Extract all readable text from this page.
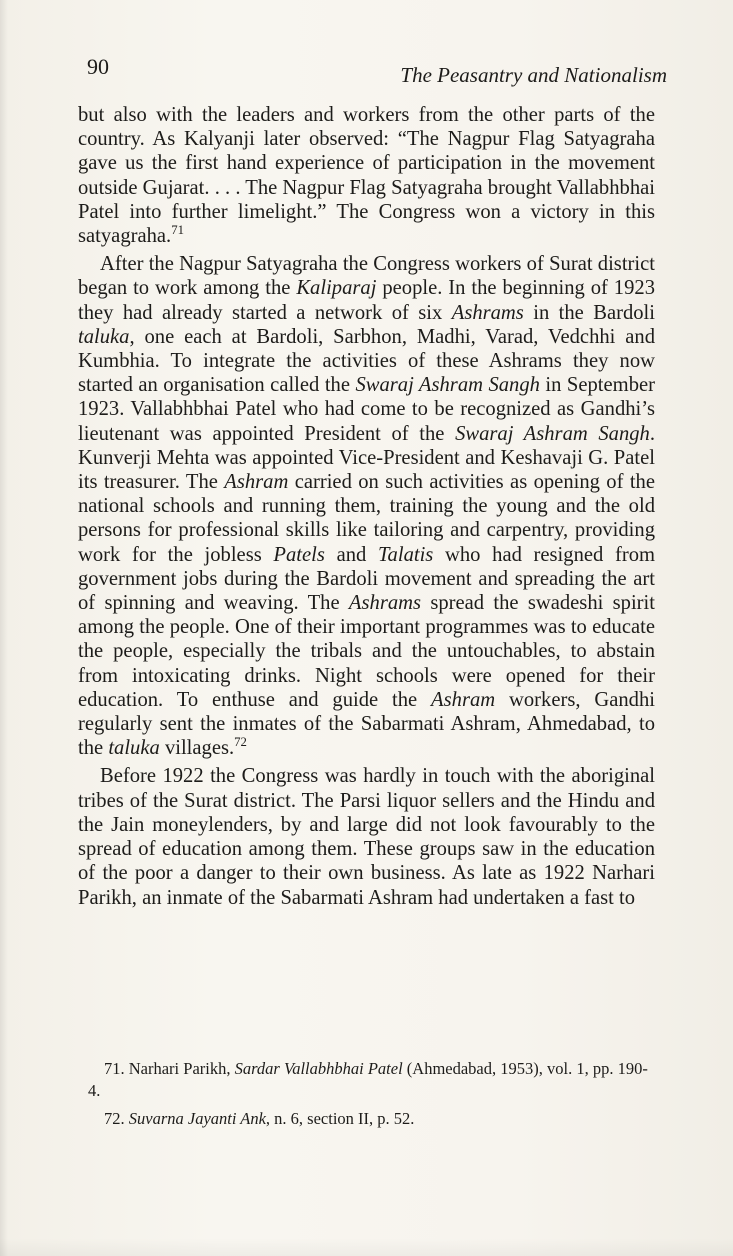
90	The Peasantry and Nationalism

but also with the leaders and workers from the other parts of the country. As Kalyanji later observed: “The Nagpur Flag Satyagraha gave us the first hand experience of participation in the movement outside Gujarat. . . . The Nagpur Flag Satyagraha brought Vallabhbhai Patel into further limelight.” The Congress won a victory in this satyagraha.$^{71}$

After the Nagpur Satyagraha the Congress workers of Surat district began to work among the Kaliparaj people. In the beginning of 1923 they had already started a network of six Ashrams in the Bardoli taluka, one each at Bardoli, Sarbhon, Madhi, Varad, Vedchhi and Kumbhia. To integrate the activities of these Ashrams they now started an organisation called the Swaraj Ashram Sangh in September 1923. Vallabhbhai Patel who had come to be recognized as Gandhi’s lieutenant was appointed President of the Swaraj Ashram Sangh. Kunverji Mehta was appointed Vice-President and Keshavaji G. Patel its treasurer. The Ashram carried on such activities as opening of the national schools and running them, training the young and the old persons for professional skills like tailoring and carpentry, providing work for the jobless Patels and Talatis who had resigned from government jobs during the Bardoli movement and spreading the art of spinning and weaving. The Ashrams spread the swadeshi spirit among the people. One of their important programmes was to educate the people, especially the tribals and the untouchables, to abstain from intoxicating drinks. Night schools were opened for their education. To enthuse and guide the Ashram workers, Gandhi regularly sent the inmates of the Sabarmati Ashram, Ahmedabad, to the taluka villages.$^{72}$

Before 1922 the Congress was hardly in touch with the aboriginal tribes of the Surat district. The Parsi liquor sellers and the Hindu and the Jain moneylenders, by and large did not look favourably to the spread of education among them. These groups saw in the education of the poor a danger to their own business. As late as 1922 Narhari Parikh, an inmate of the Sabarmati Ashram had undertaken a fast to

71. Narhari Parikh, Sardar Vallabhbhai Patel (Ahmedabad, 1953), vol. 1, pp. 190-4.

72. Suvarna Jayanti Ank, n. 6, section II, p. 52.
